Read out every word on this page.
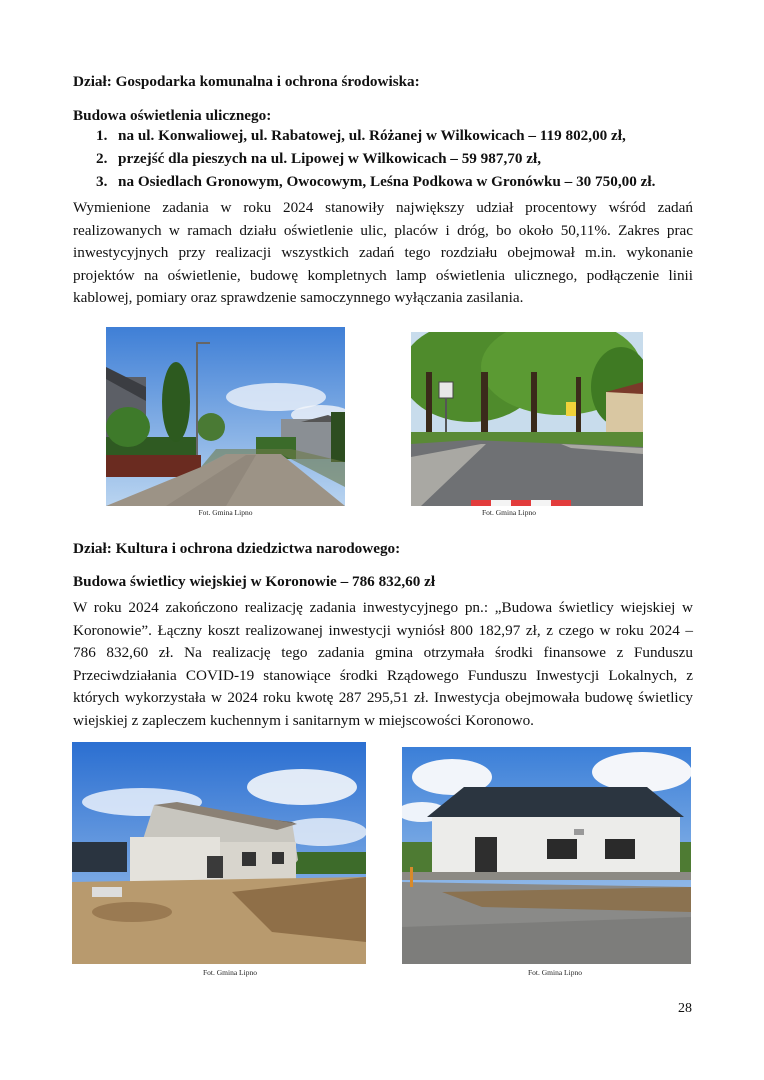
Dział: Gospodarka komunalna i ochrona środowiska:
Budowa oświetlenia ulicznego:
1. na ul. Konwaliowej, ul. Rabatowej, ul. Różanej w Wilkowicach – 119 802,00 zł,
2. przejść dla pieszych na ul. Lipowej w Wilkowicach – 59 987,70 zł,
3. na Osiedlach Gronowym, Owocowym, Leśna Podkowa w Gronówku – 30 750,00 zł.

Wymienione zadania w roku 2024 stanowiły największy udział procentowy wśród zadań realizowanych w ramach działu oświetlenie ulic, placów i dróg, bo około 50,11%. Zakres prac inwestycyjnych przy realizacji wszystkich zadań tego rozdziału obejmował m.in. wykonanie projektów na oświetlenie, budowę kompletnych lamp oświetlenia ulicznego, podłączenie linii kablowej, pomiary oraz sprawdzenie samoczynnego wyłączania zasilania.

Fot. Gmina Lipno	Fot. Gmina Lipno
Dział: Kultura i ochrona dziedzictwa narodowego:
Budowa świetlicy wiejskiej w Koronowie – 786 832,60 zł

W roku 2024 zakończono realizację zadania inwestycyjnego pn.: „Budowa świetlicy wiejskiej w Koronowie”. Łączny koszt realizowanej inwestycji wyniósł 800 182,97 zł, z czego w roku 2024 – 786 832,60 zł. Na realizację tego zadania gmina otrzymała środki finansowe z Funduszu Przeciwdziałania COVID-19 stanowiące środki Rządowego Funduszu Inwestycji Lokalnych, z których wykorzystała w 2024 roku kwotę 287 295,51 zł. Inwestycja obejmowała budowę świetlicy wiejskiej z zapleczem kuchennym i sanitarnym w miejscowości Koronowo.

Fot. Gmina Lipno	Fot. Gmina Lipno
28
